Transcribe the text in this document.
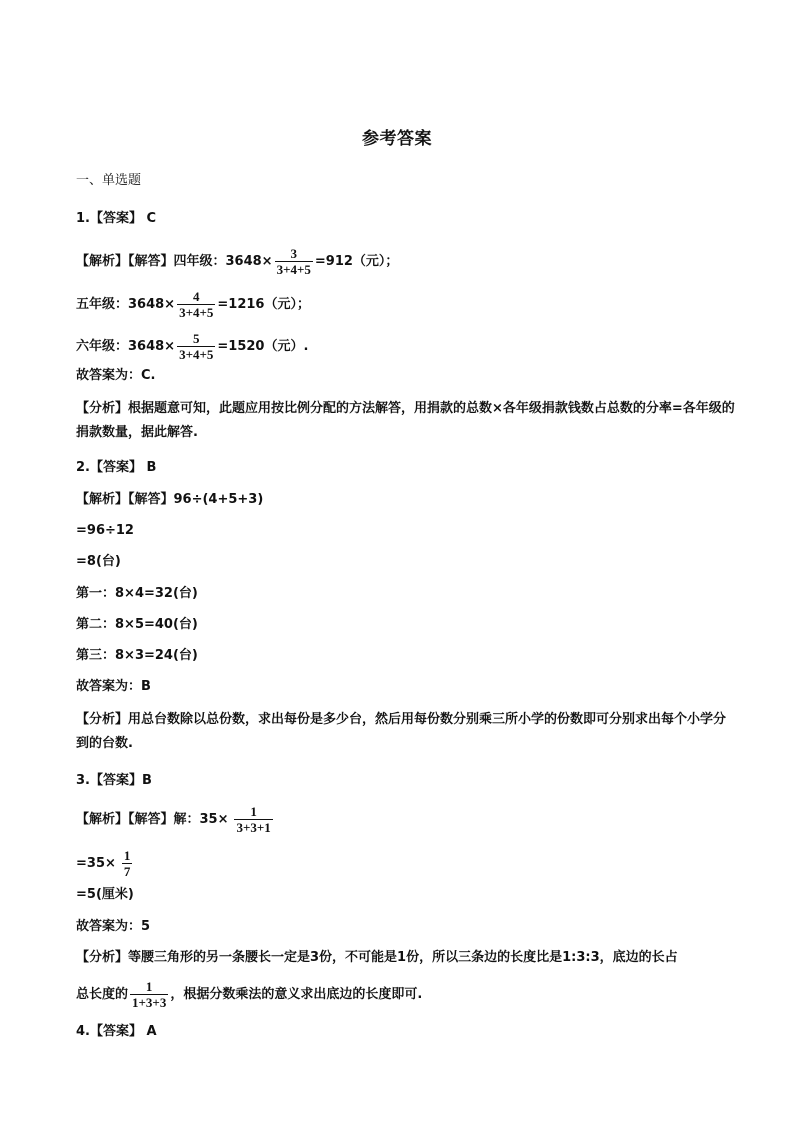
参考答案
一、单选题
1.【答案】 C
【解析】【解答】四年级：$3648\times \frac{3}{3+4+5} =912$（元）；
五年级：$3648\times \frac{4}{3+4+5} =1216$（元）；
六年级：$3648\times \frac{5}{3+4+5} =1520$（元）.
故答案为：C.
【分析】根据题意可知，此题应用按比例分配的方法解答，用捐款的总数×各年级捐款钱数占总数的分率=各年级的捐款数量，据此解答.
2.【答案】 B
【解析】【解答】96÷(4+5+3)
=96÷12
=8(台)
第一：8×4=32(台)
第二：8×5=40(台)
第三：8×3=24(台)
故答案为：B
【分析】用总台数除以总份数，求出每份是多少台，然后用每份数分别乘三所小学的份数即可分别求出每个小学分到的台数.
3.【答案】B
【解析】【解答】解：$35\times \frac{1}{3+3+1}$
$=35\times \frac{1}{7}$
=5(厘米)
故答案为：5
【分析】等腰三角形的另一条腰长一定是3份，不可能是1份，所以三条边的长度比是1:3:3，底边的长占
总长度的 $\frac{1}{1+3+3}$ ，根据分数乘法的意义求出底边的长度即可.
4.【答案】 A
